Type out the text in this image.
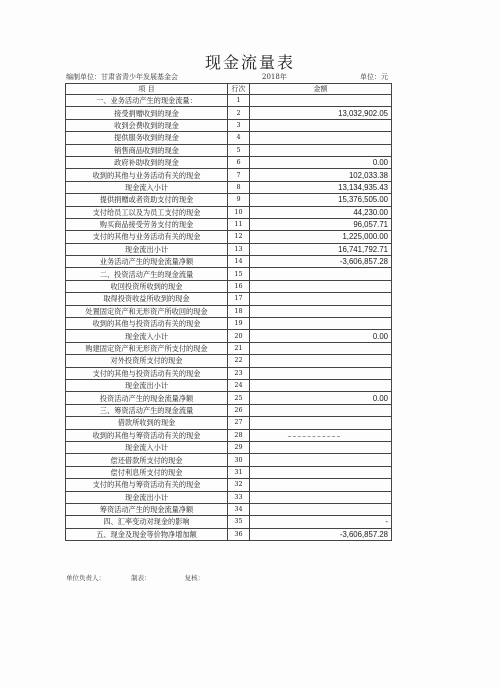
现金流量表
编制单位：甘肃省青少年发展基金会	2018年	单位：元
项 目	行次	金额
一、业务活动产生的现金流量：	1	
接受捐赠收到的现金	2	13,032,902.05
收到会费收到的现金	3	
提供服务收到的现金	4	
销售商品收到的现金	5	
政府补助收到的现金	6	0.00
收到的其他与业务活动有关的现金	7	102,033.38
现金流入小计	8	13,134,935.43
提供捐赠或者资助支付的现金	9	15,376,505.00
支付给员工以及为员工支付的现金	10	44,230.00
购买商品接受劳务支付的现金	11	96,057.71
支付的其他与业务活动有关的现金	12	1,225,000.00
现金流出小计	13	16,741,792.71
业务活动产生的现金流量净额	14	-3,606,857.28
二、投资活动产生的现金流量	15	
收回投资所收到的现金	16	
取得投资收益所收到的现金	17	
处置固定资产和无形资产所收回的现金	18	
收到的其他与投资活动有关的现金	19	
现金流入小计	20	0.00
购建固定资产和无形资产所支付的现金	21	
对外投资所支付的现金	22	
支付的其他与投资活动有关的现金	23	
现金流出小计	24	
投资活动产生的现金流量净额	25	0.00
三、筹资活动产生的现金流量	26	
借款所收到的现金	27	
收到的其他与筹资活动有关的现金	28	
现金流入小计	29	
偿还借款所支付的现金	30	
偿付利息所支付的现金	31	
支付的其他与筹资活动有关的现金	32	
现金流出小计	33	
筹资活动产生的现金流量净额	34	
四、汇率变动对现金的影响	35	-
五、现金及现金等价物净增加额	36	-3,606,857.28
单位负责人：	制表：	复核：
